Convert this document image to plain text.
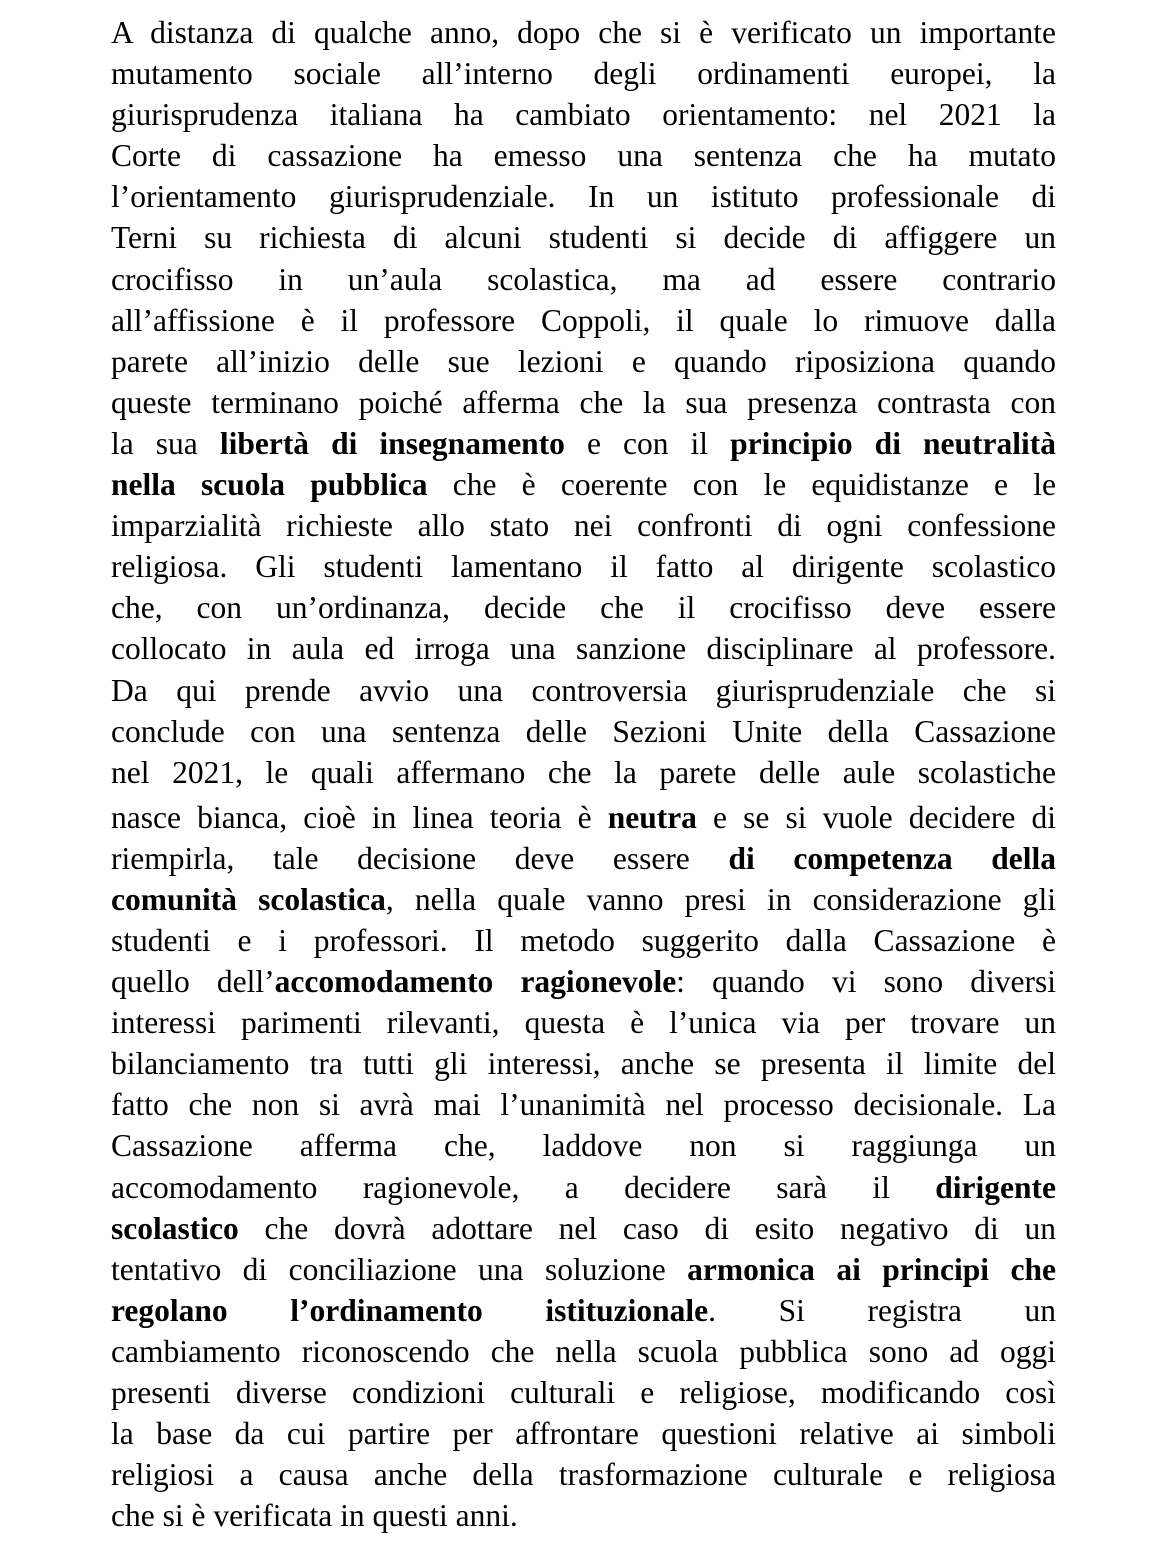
A distanza di qualche anno, dopo che si è verificato un importante
mutamento sociale all’interno degli ordinamenti europei, la
giurisprudenza italiana ha cambiato orientamento: nel 2021 la
Corte di cassazione ha emesso una sentenza che ha mutato
l’orientamento giurisprudenziale. In un istituto professionale di
Terni su richiesta di alcuni studenti si decide di affiggere un
crocifisso in un’aula scolastica, ma ad essere contrario
all’affissione è il professore Coppoli, il quale lo rimuove dalla
parete all’inizio delle sue lezioni e quando riposiziona quando
queste terminano poiché afferma che la sua presenza contrasta con
la sua libertà di insegnamento e con il principio di neutralità
nella scuola pubblica che è coerente con le equidistanze e le
imparzialità richieste allo stato nei confronti di ogni confessione
religiosa. Gli studenti lamentano il fatto al dirigente scolastico
che, con un’ordinanza, decide che il crocifisso deve essere
collocato in aula ed irroga una sanzione disciplinare al professore.
Da qui prende avvio una controversia giurisprudenziale che si
conclude con una sentenza delle Sezioni Unite della Cassazione
nel 2021, le quali affermano che la parete delle aule scolastiche
nasce bianca, cioè in linea teoria è neutra e se si vuole decidere di
riempirla, tale decisione deve essere di competenza della
comunità scolastica, nella quale vanno presi in considerazione gli
studenti e i professori. Il metodo suggerito dalla Cassazione è
quello dell’accomodamento ragionevole: quando vi sono diversi
interessi parimenti rilevanti, questa è l’unica via per trovare un
bilanciamento tra tutti gli interessi, anche se presenta il limite del
fatto che non si avrà mai l’unanimità nel processo decisionale. La
Cassazione afferma che, laddove non si raggiunga un
accomodamento ragionevole, a decidere sarà il dirigente
scolastico che dovrà adottare nel caso di esito negativo di un
tentativo di conciliazione una soluzione armonica ai principi che
regolano l’ordinamento istituzionale. Si registra un
cambiamento riconoscendo che nella scuola pubblica sono ad oggi
presenti diverse condizioni culturali e religiose, modificando così
la base da cui partire per affrontare questioni relative ai simboli
religiosi a causa anche della trasformazione culturale e religiosa
che si è verificata in questi anni.
